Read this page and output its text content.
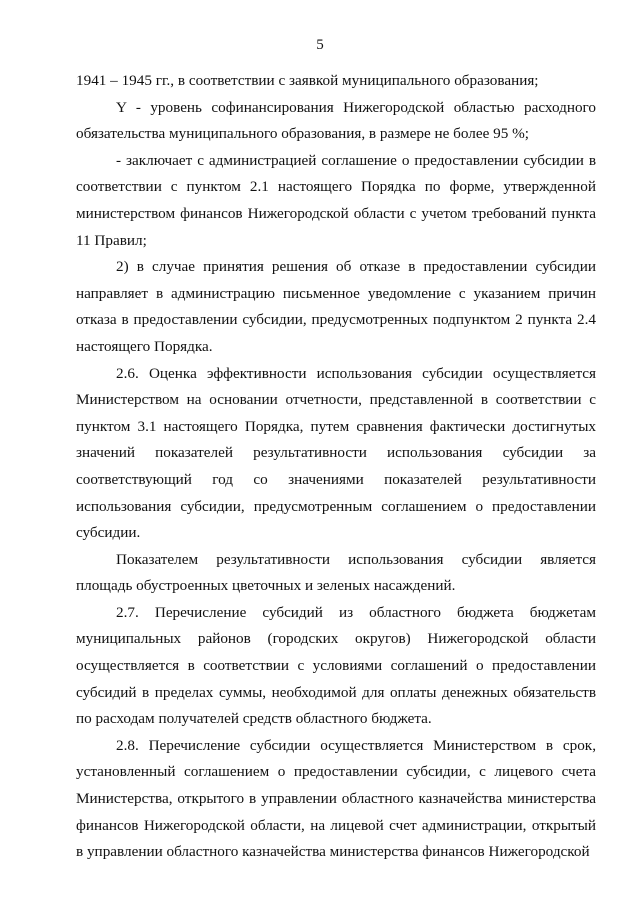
5

1941 – 1945 гг., в соответствии с заявкой муниципального образования;

Y - уровень софинансирования Нижегородской областью расходного обязательства муниципального образования, в размере не более 95 %;

- заключает с администрацией соглашение о предоставлении субсидии в соответствии с пунктом 2.1 настоящего Порядка по форме, утвержденной министерством финансов Нижегородской области с учетом требований пункта 11 Правил;

2) в случае принятия решения об отказе в предоставлении субсидии направляет в администрацию письменное уведомление с указанием причин отказа в предоставлении субсидии, предусмотренных подпунктом 2 пункта 2.4 настоящего Порядка.

2.6. Оценка эффективности использования субсидии осуществляется Министерством на основании отчетности, представленной в соответствии с пунктом 3.1 настоящего Порядка, путем сравнения фактически достигнутых значений показателей результативности использования субсидии за соответствующий год со значениями показателей результативности использования субсидии, предусмотренным соглашением о предоставлении субсидии.

Показателем результативности использования субсидии является площадь обустроенных цветочных и зеленых насаждений.

2.7. Перечисление субсидий из областного бюджета бюджетам муниципальных районов (городских округов) Нижегородской области осуществляется в соответствии с условиями соглашений о предоставлении субсидий в пределах суммы, необходимой для оплаты денежных обязательств по расходам получателей средств областного бюджета.

2.8. Перечисление субсидии осуществляется Министерством в срок, установленный соглашением о предоставлении субсидии, с лицевого счета Министерства, открытого в управлении областного казначейства министерства финансов Нижегородской области, на лицевой счет администрации, открытый в управлении областного казначейства министерства финансов Нижегородской
